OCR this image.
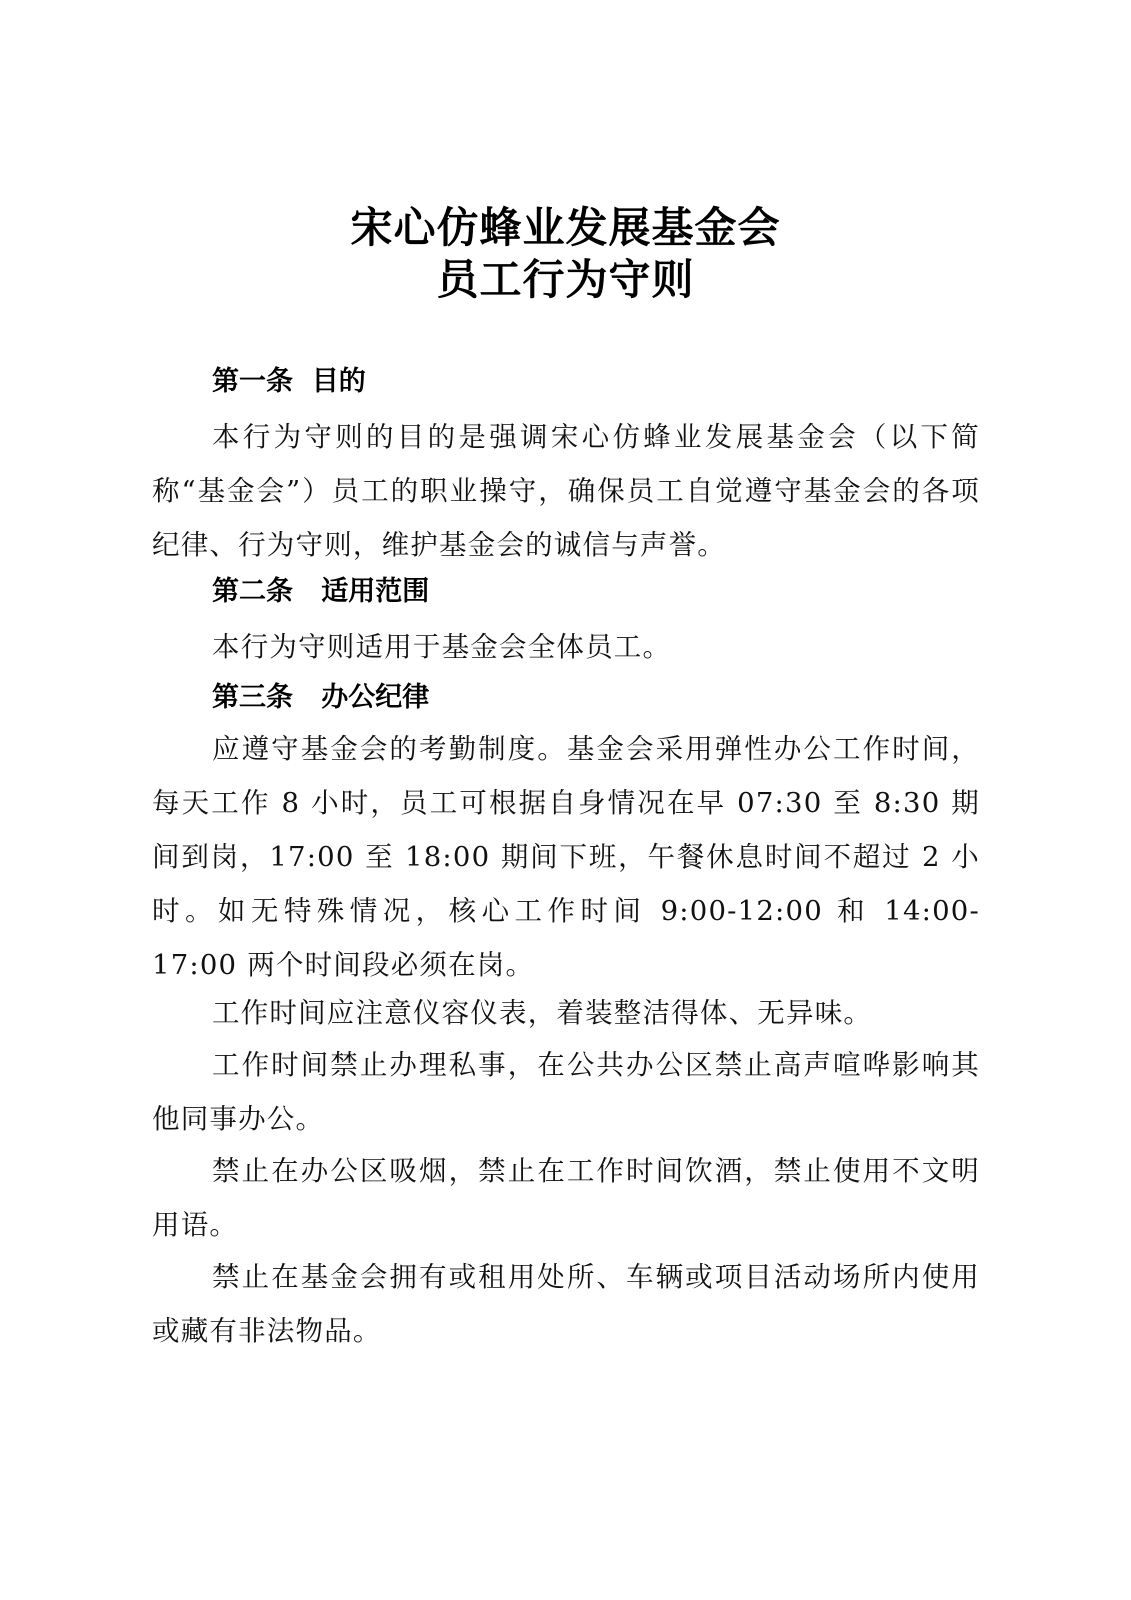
宋心仿蜂业发展基金会
员工行为守则
第一条  目的
本行为守则的目的是强调宋心仿蜂业发展基金会（以下简称“基金会”）员工的职业操守，确保员工自觉遵守基金会的各项纪律、行为守则，维护基金会的诚信与声誉。
第二条   适用范围
本行为守则适用于基金会全体员工。
第三条   办公纪律
应遵守基金会的考勤制度。基金会采用弹性办公工作时间，每天工作 8 小时，员工可根据自身情况在早 07:30 至 8:30 期间到岗，17:00 至 18:00 期间下班，午餐休息时间不超过 2 小时。如无特殊情况，核心工作时间 9:00-12:00 和 14:00-17:00 两个时间段必须在岗。
工作时间应注意仪容仪表，着装整洁得体、无异味。
工作时间禁止办理私事，在公共办公区禁止高声喧哗影响其他同事办公。
禁止在办公区吸烟，禁止在工作时间饮酒，禁止使用不文明用语。
禁止在基金会拥有或租用处所、车辆或项目活动场所内使用或藏有非法物品。
